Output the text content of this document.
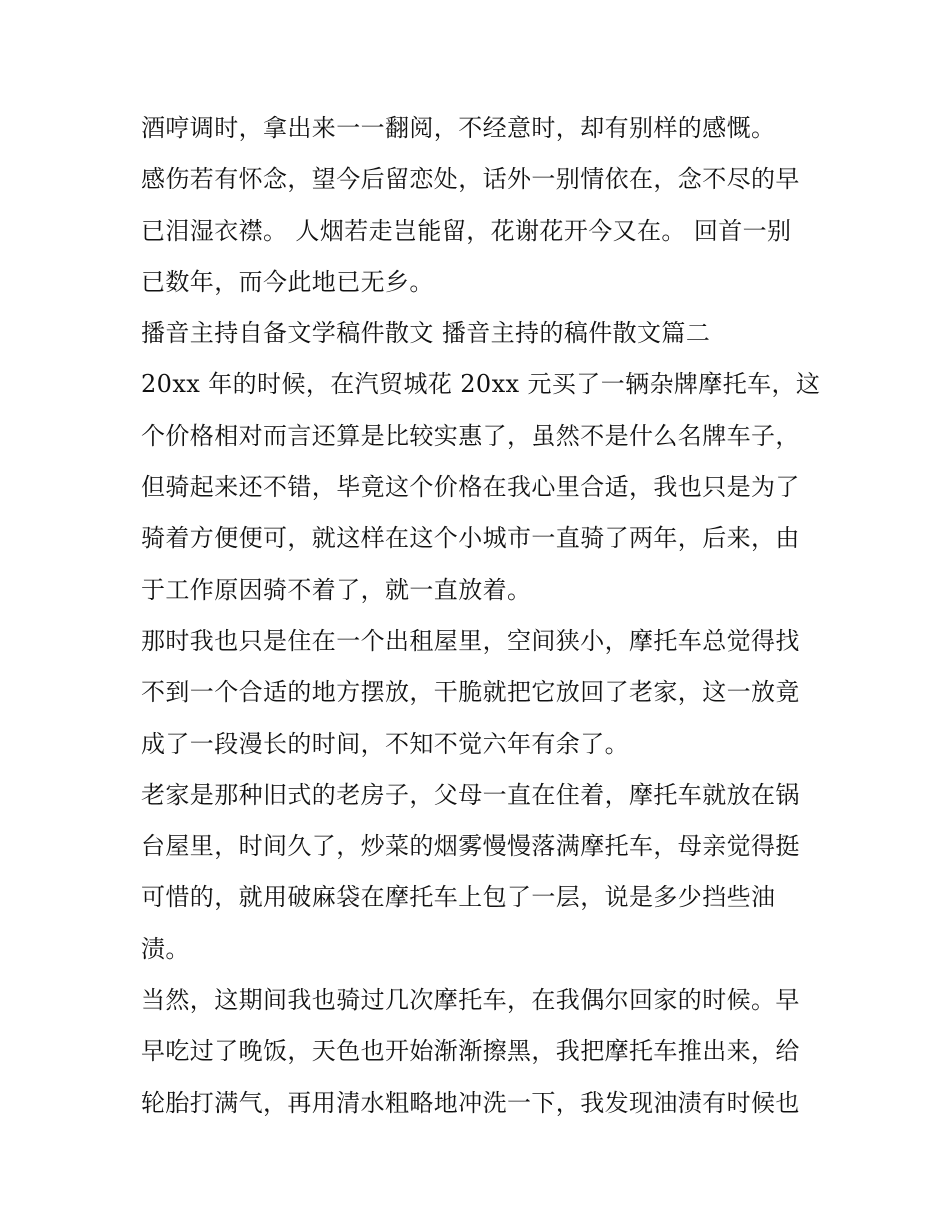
酒哼调时，拿出来一一翻阅，不经意时，却有别样的感慨。
感伤若有怀念，望今后留恋处，话外一别情依在，念不尽的早
已泪湿衣襟。 人烟若走岂能留，花谢花开今又在。 回首一别
已数年，而今此地已无乡。
播音主持自备文学稿件散文 播音主持的稿件散文篇二
20xx 年的时候，在汽贸城花 20xx 元买了一辆杂牌摩托车，这
个价格相对而言还算是比较实惠了，虽然不是什么名牌车子，
但骑起来还不错，毕竟这个价格在我心里合适，我也只是为了
骑着方便便可，就这样在这个小城市一直骑了两年，后来，由
于工作原因骑不着了，就一直放着。
那时我也只是住在一个出租屋里，空间狭小，摩托车总觉得找
不到一个合适的地方摆放，干脆就把它放回了老家，这一放竟
成了一段漫长的时间，不知不觉六年有余了。
老家是那种旧式的老房子，父母一直在住着，摩托车就放在锅
台屋里，时间久了，炒菜的烟雾慢慢落满摩托车，母亲觉得挺
可惜的，就用破麻袋在摩托车上包了一层，说是多少挡些油
渍。
当然，这期间我也骑过几次摩托车，在我偶尔回家的时候。早
早吃过了晚饭，天色也开始渐渐擦黑，我把摩托车推出来，给
轮胎打满气，再用清水粗略地冲洗一下，我发现油渍有时候也
